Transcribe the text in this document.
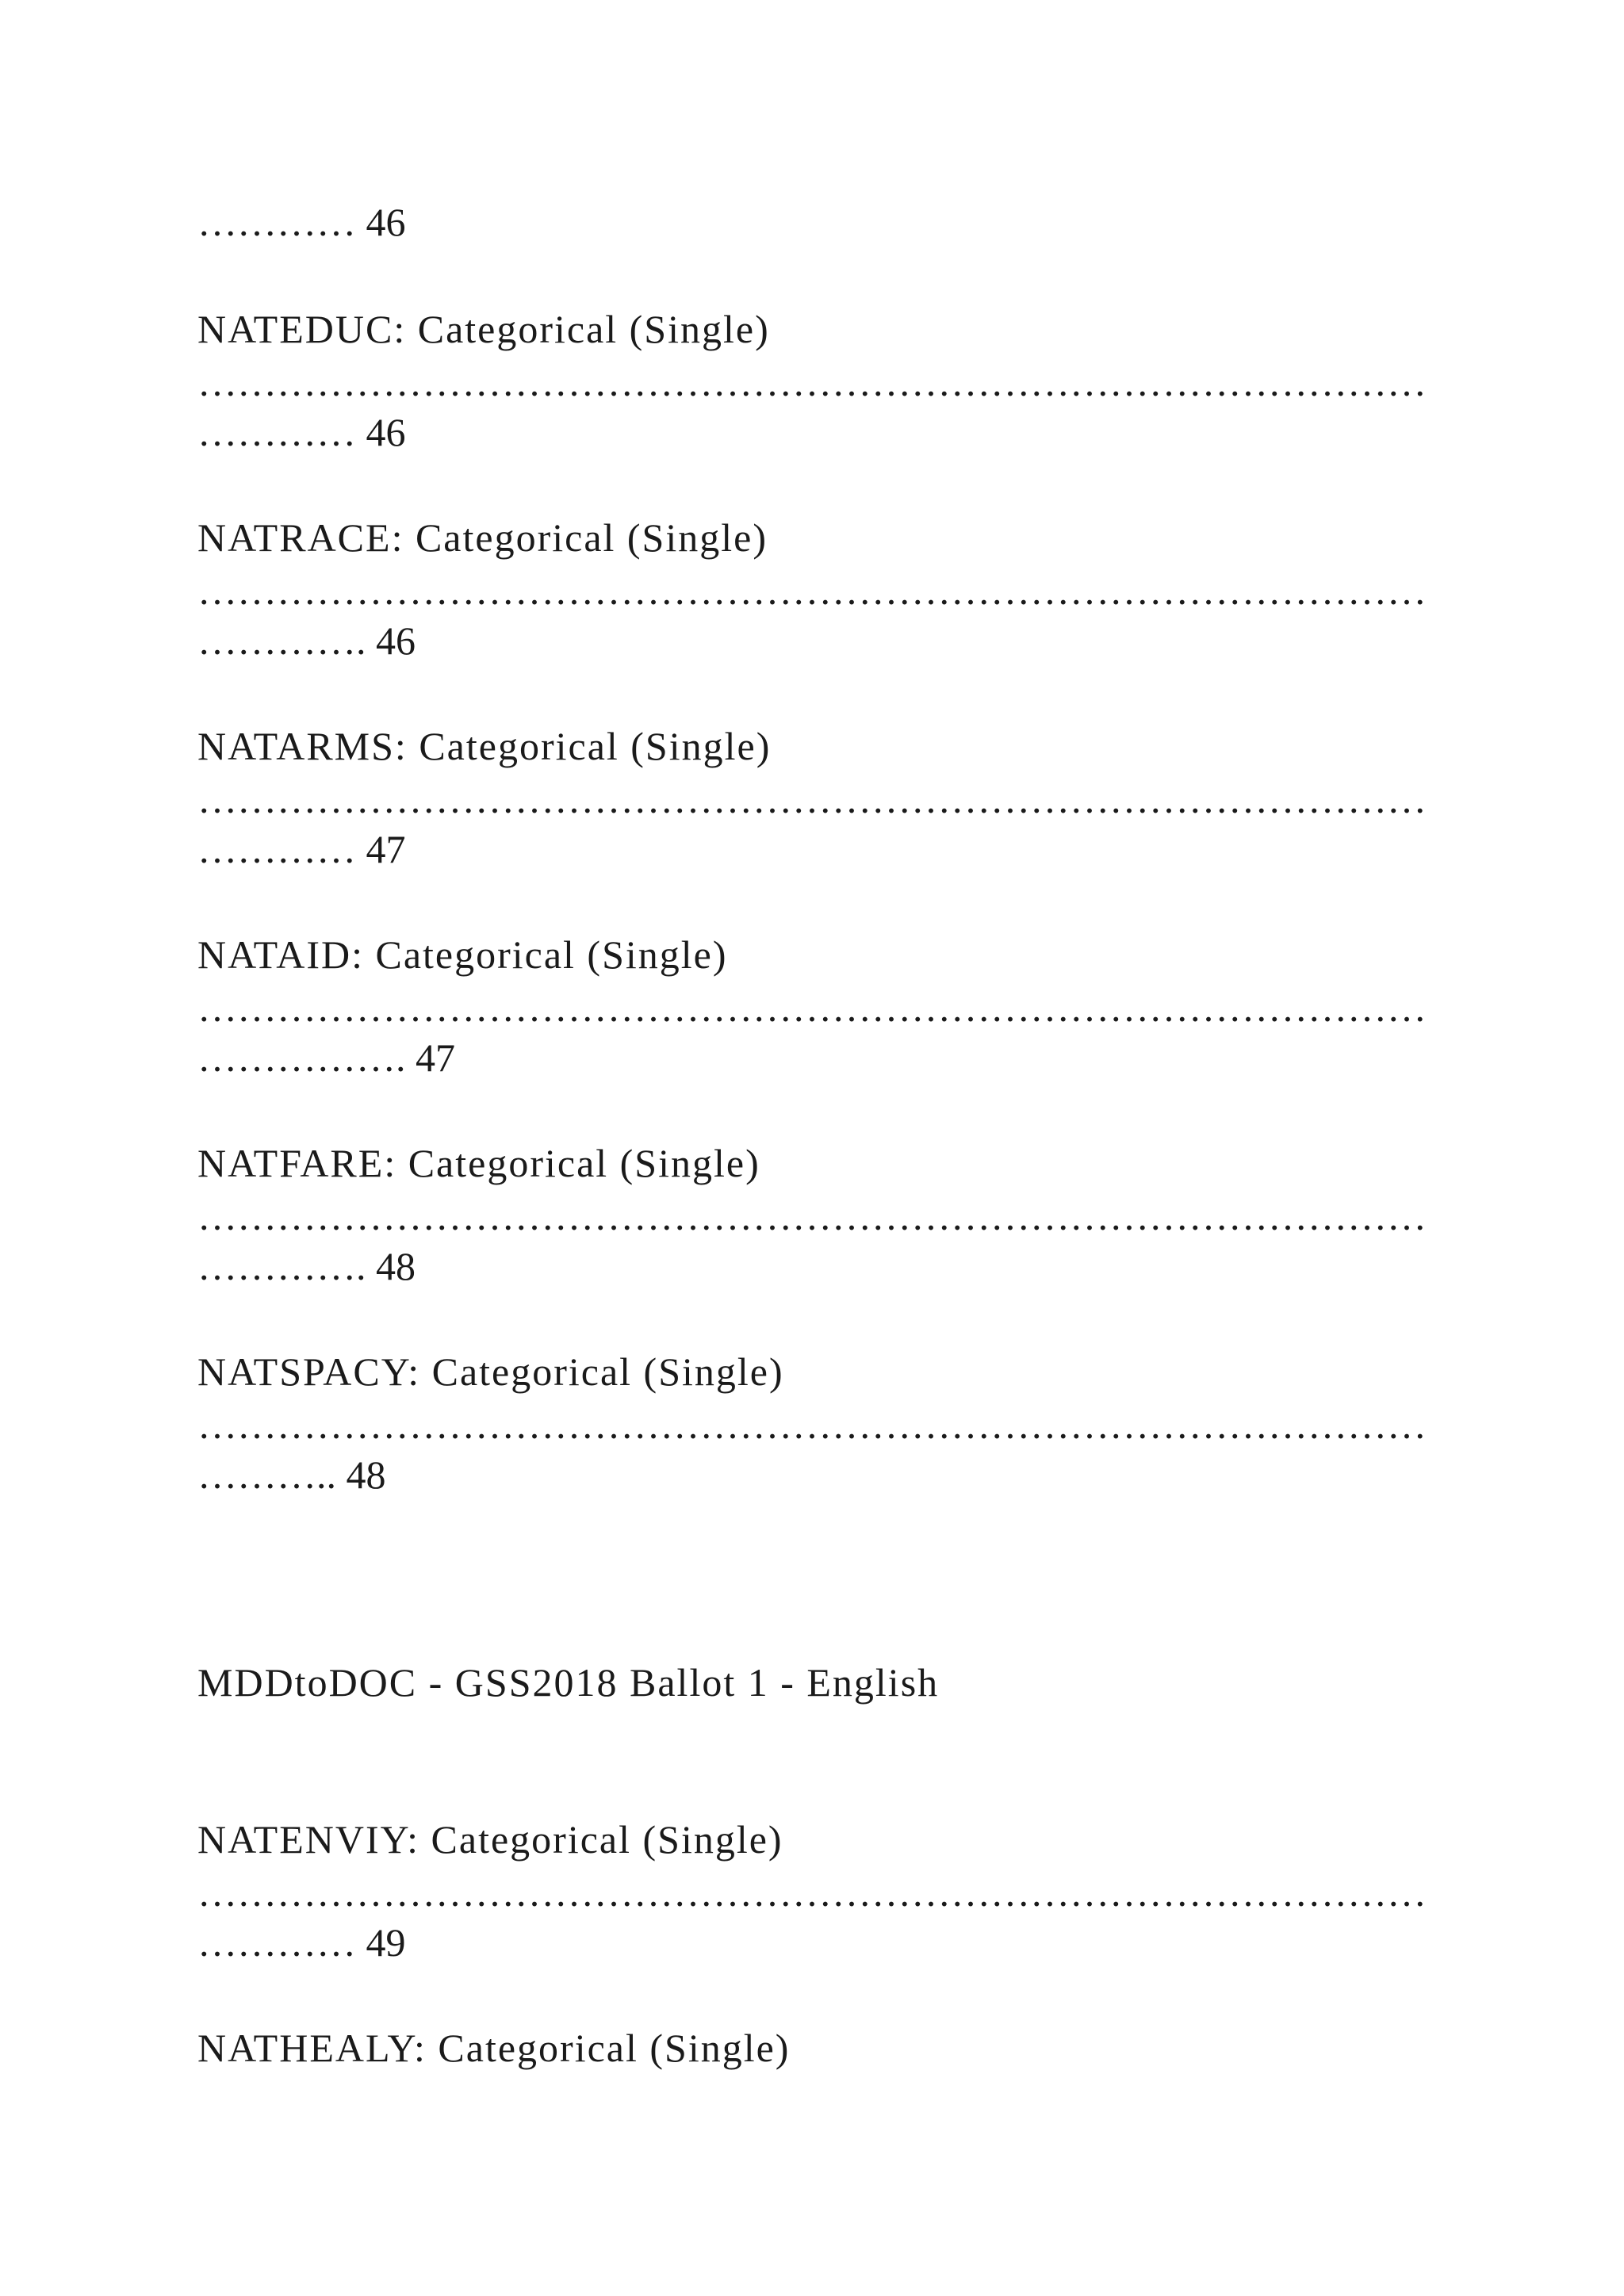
………… 46

NATEDUC: Categorical (Single)

…………………………………………………………………………………

………… 46

NATRACE: Categorical (Single)

…………………………………………………………………………………

…………. 46

NATARMS: Categorical (Single)

…………………………………………………………………………………

………… 47

NATAID: Categorical (Single)

…………………………………………………………………………………

……………. 47

NATFARE: Categorical (Single)

…………………………………………………………………………………

…………. 48

NATSPACY: Categorical (Single)

…………………………………………………………………………………

……….. 48

MDDtoDOC - GSS2018 Ballot 1 - English

NATENVIY: Categorical (Single)

…………………………………………………………………………………

………… 49

NATHEALY: Categorical (Single)
